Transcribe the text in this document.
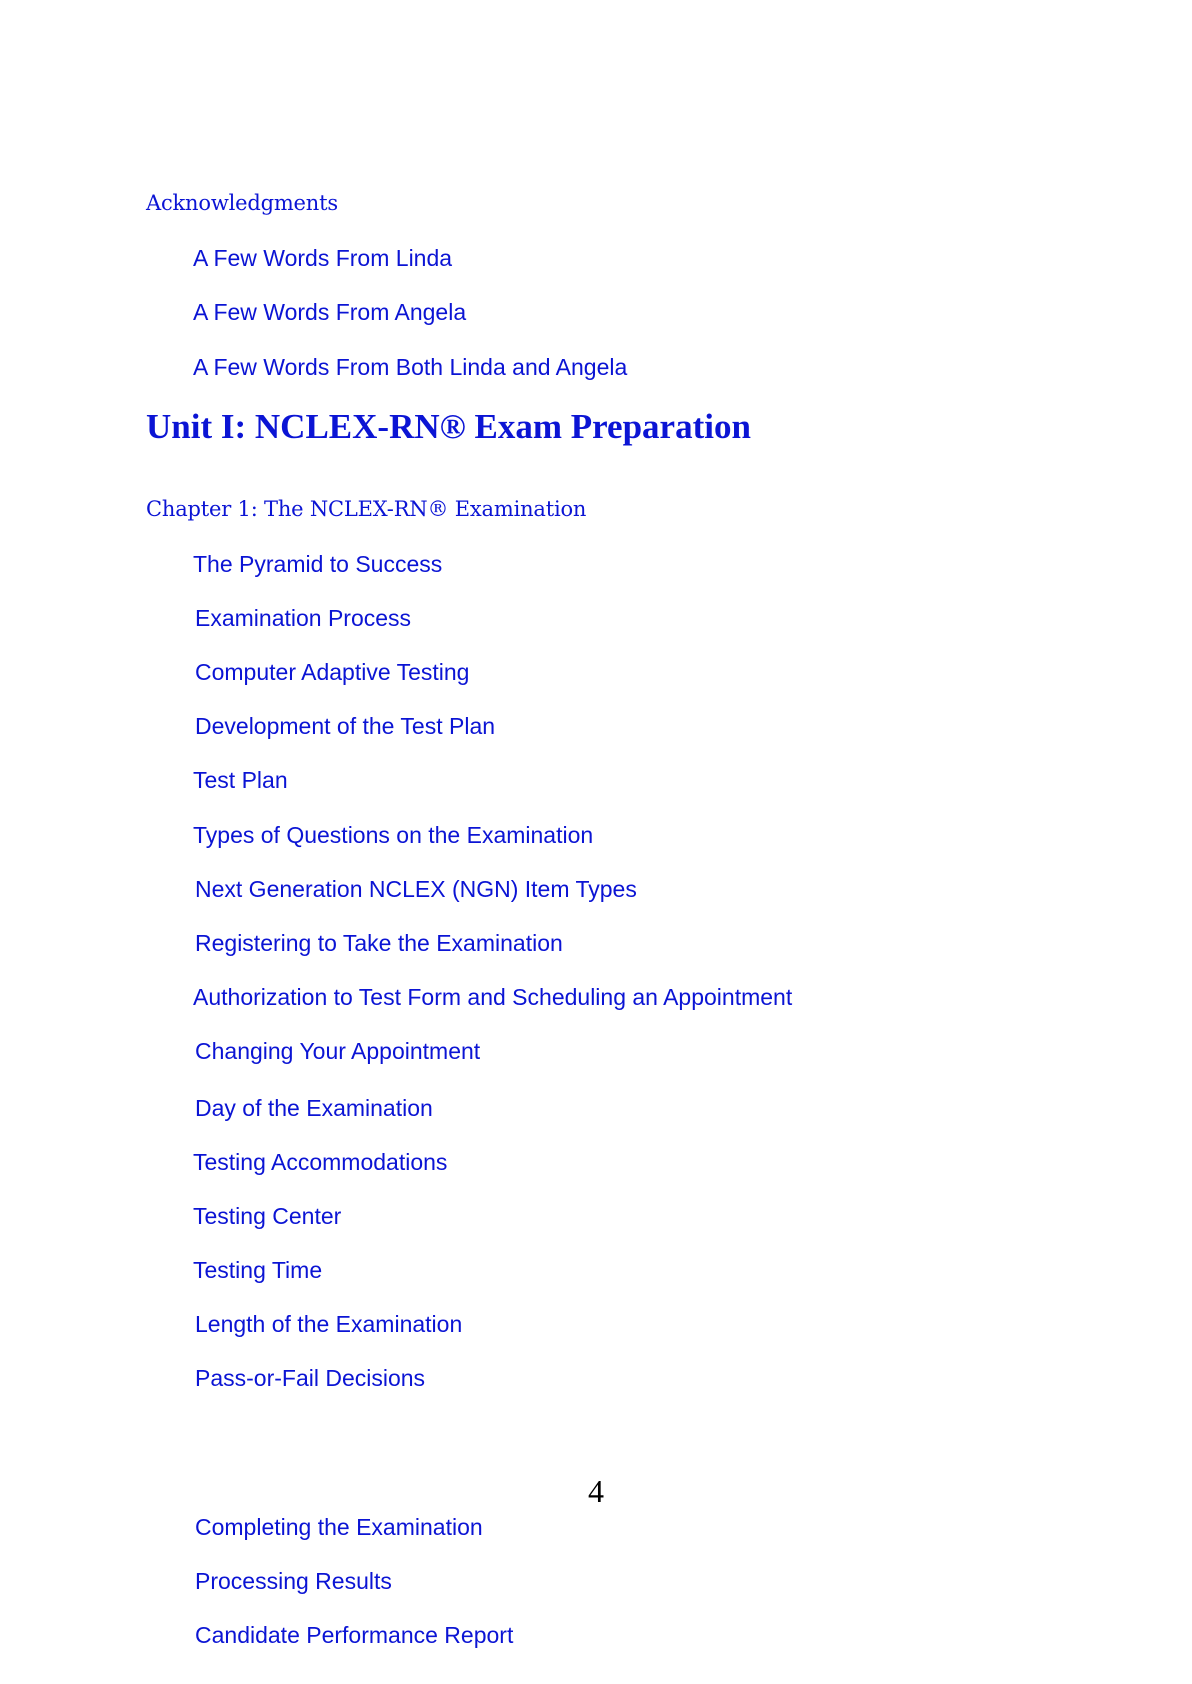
Acknowledgments
A Few Words From Linda
A Few Words From Angela
A Few Words From Both Linda and Angela
Unit I: NCLEX-RN® Exam Preparation
Chapter 1: The NCLEX-RN® Examination
The Pyramid to Success
Examination Process
Computer Adaptive Testing
Development of the Test Plan
Test Plan
Types of Questions on the Examination
Next Generation NCLEX (NGN) Item Types
Registering to Take the Examination
Authorization to Test Form and Scheduling an Appointment
Changing Your Appointment
Day of the Examination
Testing Accommodations
Testing Center
Testing Time
Length of the Examination
Pass-or-Fail Decisions
4
Completing the Examination
Processing Results
Candidate Performance Report
